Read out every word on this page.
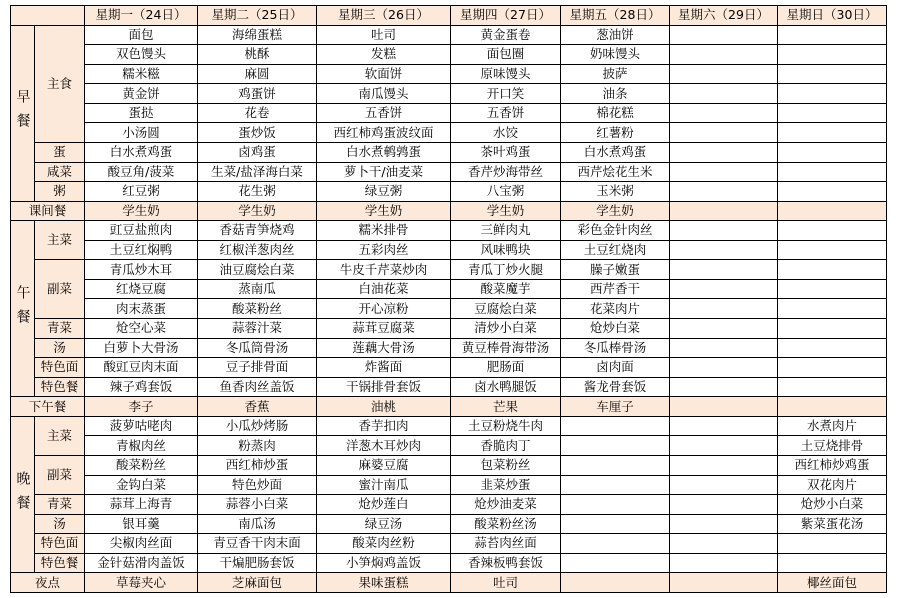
		星期一（24日）	星期二（25日）	星期三（26日）	星期四（27日）	星期五（28日）	星期六（29日）	星期日（30日）
早餐	主食	面包	海绵蛋糕	吐司	黄金蛋卷	葱油饼		
		双色馒头	桃酥	发糕	面包圈	奶味馒头		
		糯米糍	麻圆	软面饼	原味馒头	披萨		
		黄金饼	鸡蛋饼	南瓜馒头	开口笑	油条		
		蛋挞	花卷	五香饼	五香饼	棉花糕		
		小汤圆	蛋炒饭	西红柿鸡蛋波纹面	水饺	红薯粉		
	蛋	白水煮鸡蛋	卤鸡蛋	白水煮鹌鹑蛋	茶叶鸡蛋	白水煮鸡蛋		
	咸菜	酸豆角/菠菜	生菜/盐泽海白菜	萝卜干/油麦菜	香芹炒海带丝	西芹烩花生米		
	粥	红豆粥	花生粥	绿豆粥	八宝粥	玉米粥		
课间餐		学生奶	学生奶	学生奶	学生奶	学生奶		
午餐	主菜	豇豆盐煎肉	香菇青笋烧鸡	糯米排骨	三鲜肉丸	彩色金针肉丝		
		土豆红焖鸭	红椒洋葱肉丝	五彩肉丝	风味鸭块	土豆红烧肉		
	副菜	青瓜炒木耳	油豆腐烩白菜	牛皮千芹菜炒肉	青瓜丁炒火腿	臊子嫩蛋		
		红烧豆腐	蒸南瓜	白油花菜	酸菜魔芋	西芹香干		
		肉末蒸蛋	酸菜粉丝	开心凉粉	豆腐烩白菜	花菜肉片		
	青菜	炝空心菜	蒜蓉汁菜	蒜茸豆腐菜	清炒小白菜	炝炒白菜		
	汤	白萝卜大骨汤	冬瓜筒骨汤	莲藕大骨汤	黄豆棒骨海带汤	冬瓜棒骨汤		
	特色面	酸豇豆肉末面	豆子排骨面	炸酱面	肥肠面	卤肉面		
	特色餐	辣子鸡套饭	鱼香肉丝盖饭	干锅排骨套饭	卤水鸭腿饭	酱龙骨套饭		
下午餐		李子	香蕉	油桃	芒果	车厘子		
晚餐	主菜	菠萝咕咾肉	小瓜炒烤肠	香芋扣肉	土豆粉烧牛肉			水煮肉片
		青椒肉丝	粉蒸肉	洋葱木耳炒肉	香脆肉丁			土豆烧排骨
	副菜	酸菜粉丝	西红柿炒蛋	麻婆豆腐	包菜粉丝			西红柿炒鸡蛋
		金钩白菜	特色炒面	蜜汁南瓜	韭菜炒蛋			双花肉片
	青菜	蒜茸上海青	蒜蓉小白菜	炝炒莲白	炝炒油麦菜			炝炒小白菜
	汤	银耳羹	南瓜汤	绿豆汤	酸菜粉丝汤			紫菜蛋花汤
	特色面	尖椒肉丝面	青豆香干肉末面	酸菜肉丝粉	蒜苔肉丝面			
	特色餐	金针菇滑肉盖饭	干煸肥肠套饭	小笋焖鸡盖饭	香辣板鸭套饭			
夜点		草莓夹心	芝麻面包	果味蛋糕	吐司			椰丝面包
